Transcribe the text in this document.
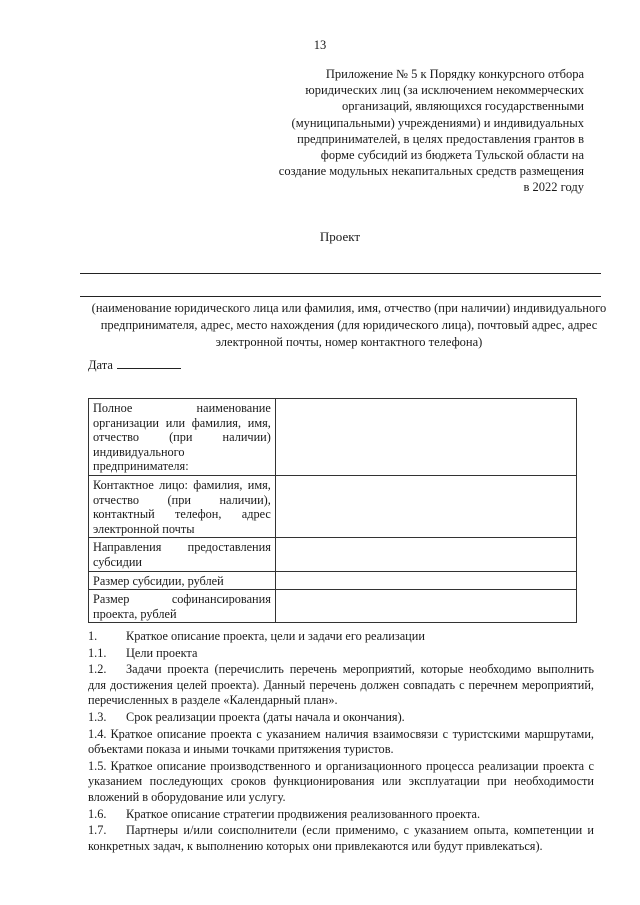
13
Приложение № 5 к Порядку конкурсного отбора
юридических лиц (за исключением некоммерческих
организаций, являющихся государственными
(муниципальными) учреждениями) и индивидуальных
предпринимателей, в целях предоставления грантов в
форме субсидий из бюджета Тульской области на
создание модульных некапитальных средств размещения
в 2022 году
Проект
(наименование юридического лица или фамилия, имя, отчество (при наличии) индивидуального предпринимателя, адрес, место нахождения (для юридического лица), почтовый адрес, адрес электронной почты, номер контактного телефона)
Дата
Полное наименование организации или фамилия, имя, отчество (при наличии) индивидуального предпринимателя:	
Контактное лицо: фамилия, имя, отчество (при наличии), контактный телефон, адрес электронной почты	
Направления предоставления субсидии	
Размер субсидии, рублей	
Размер софинансирования проекта, рублей	

1. Краткое описание проекта, цели и задачи его реализации

1.1. Цели проекта

1.2. Задачи проекта (перечислить перечень мероприятий, которые необходимо выполнить для достижения целей проекта). Данный перечень должен совпадать с перечнем мероприятий, перечисленных в разделе «Календарный план».

1.3. Срок реализации проекта (даты начала и окончания).

1.4. Краткое описание проекта с указанием наличия взаимосвязи с туристскими маршрутами, объектами показа и иными точками притяжения туристов.

1.5. Краткое описание производственного и организационного процесса реализации проекта с указанием последующих сроков функционирования или эксплуатации при необходимости вложений в оборудование или услугу.

1.6. Краткое описание стратегии продвижения реализованного проекта.

1.7. Партнеры и/или соисполнители (если применимо, с указанием опыта, компетенции и конкретных задач, к выполнению которых они привлекаются или будут привлекаться).
